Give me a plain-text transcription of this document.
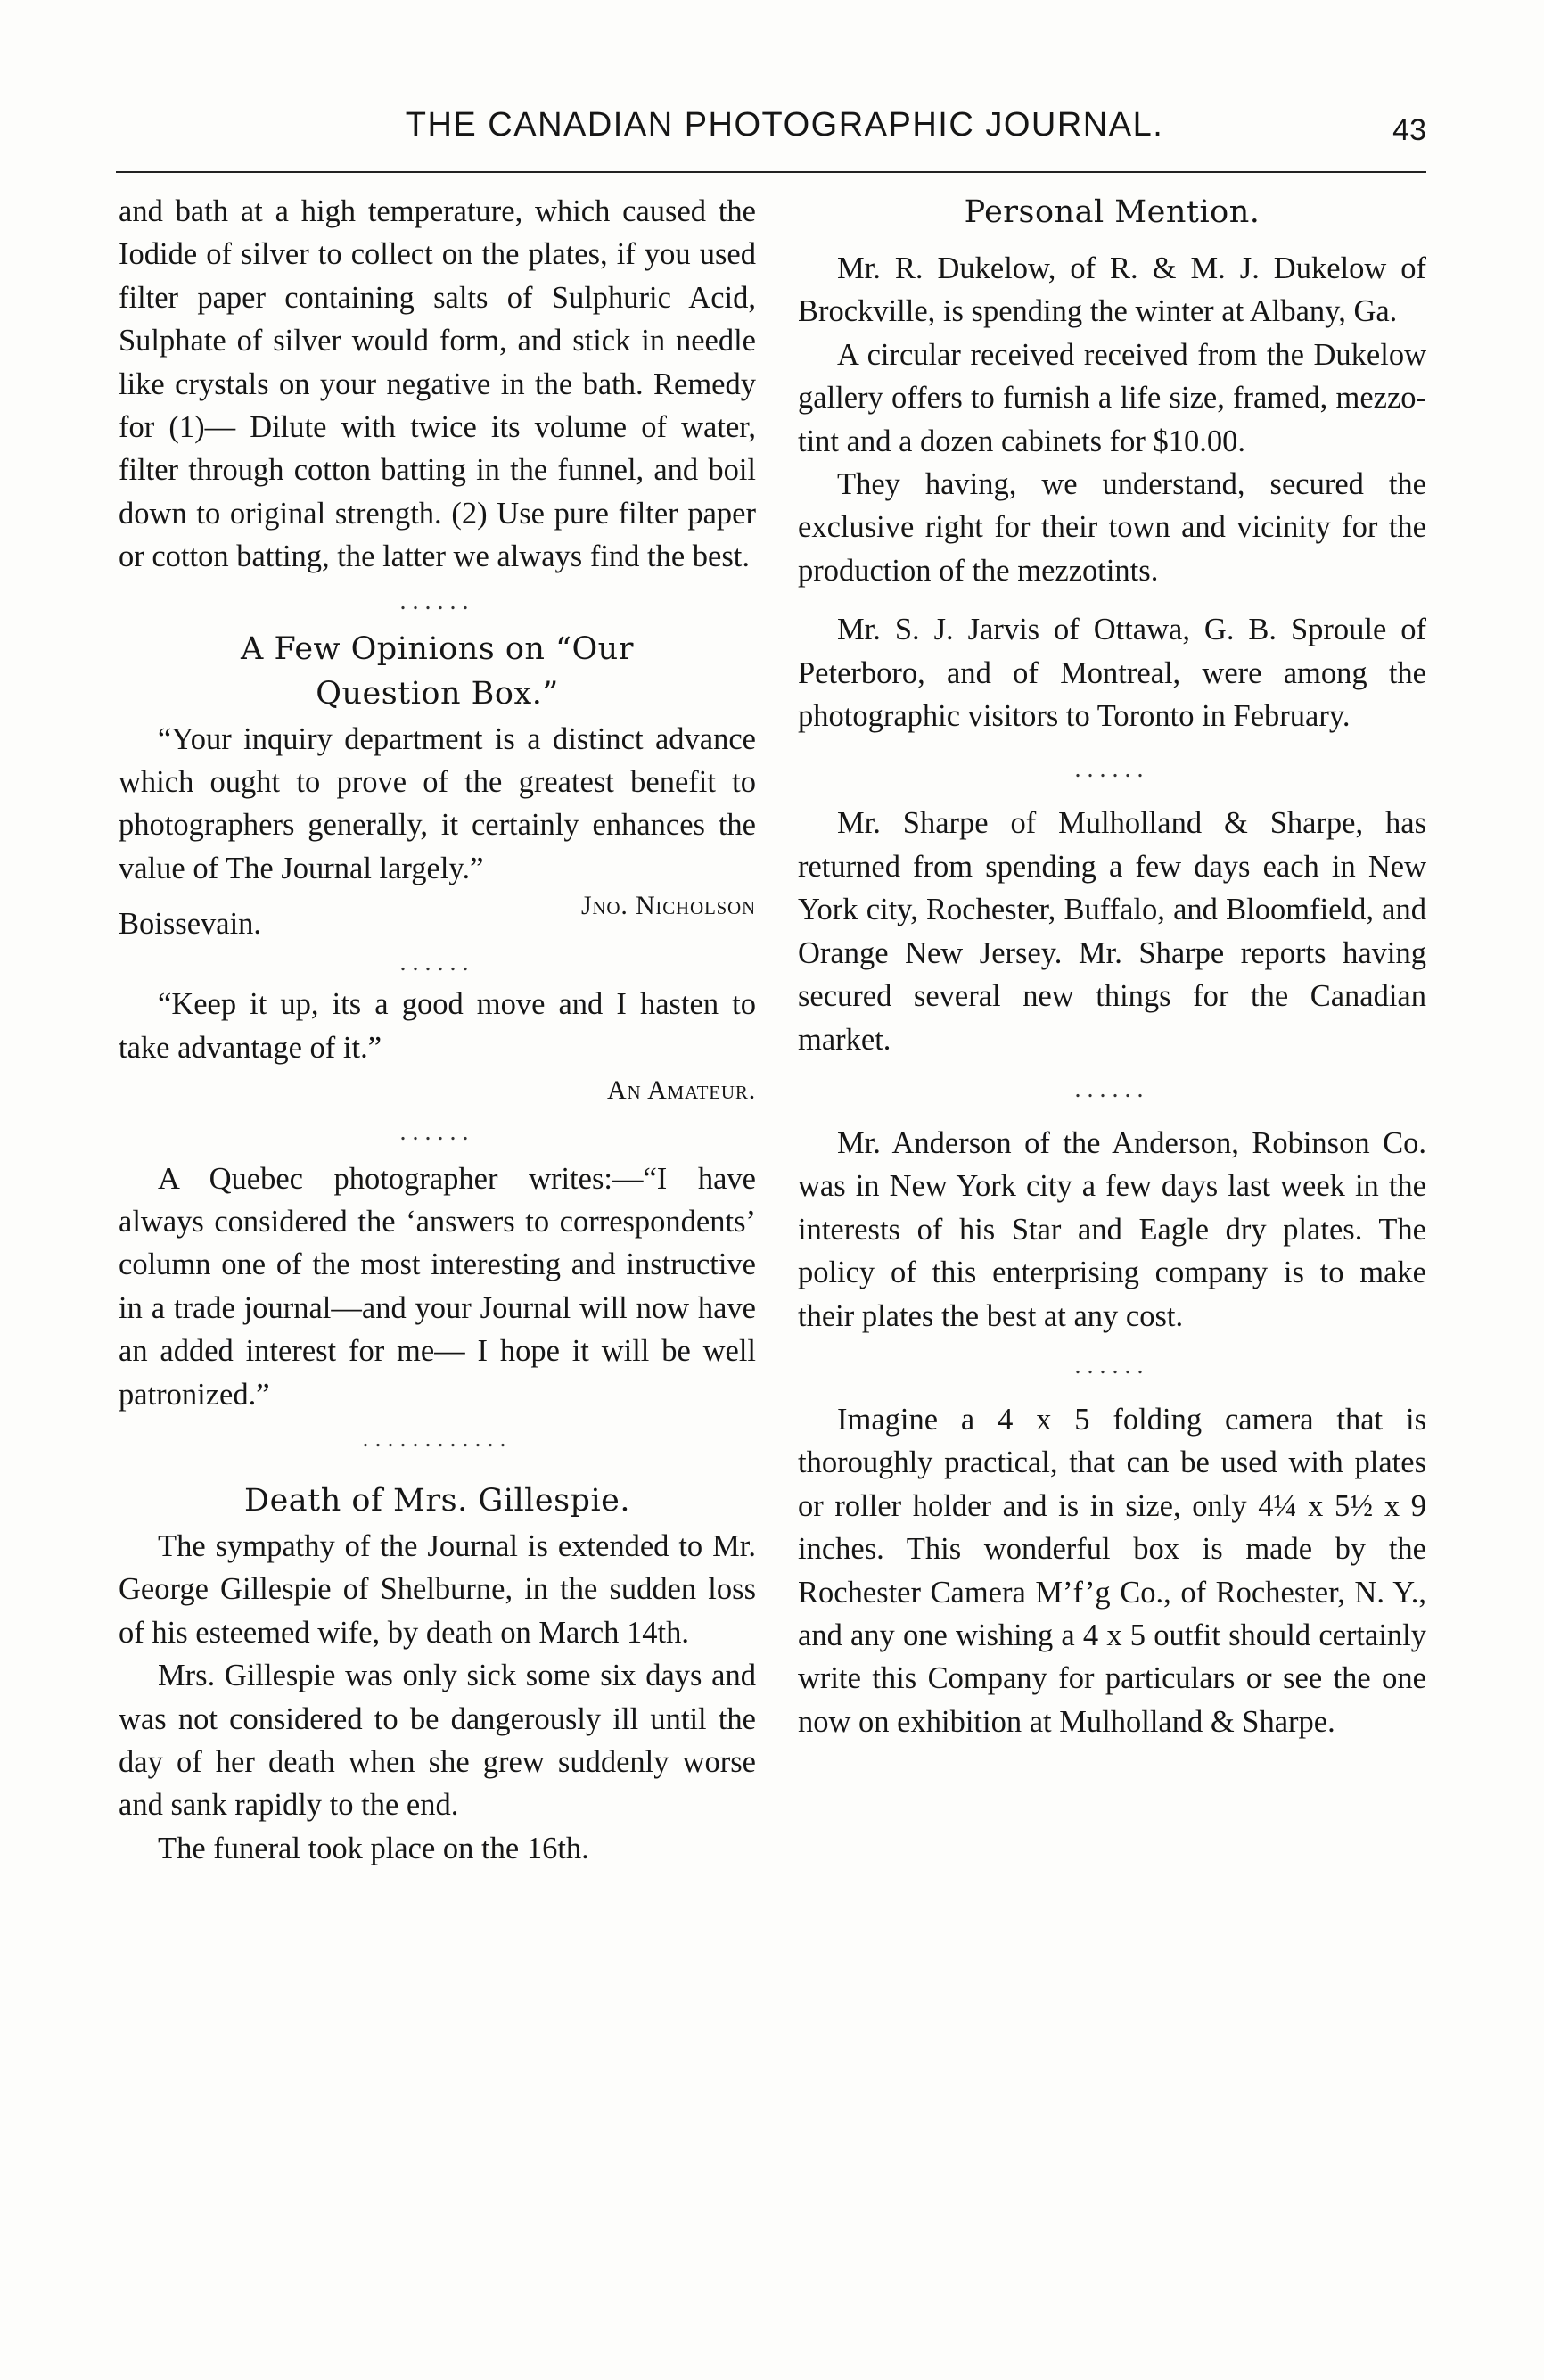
THE CANADIAN PHOTOGRAPHIC JOURNAL.	43

and bath at a high temperature, which caused the Iodide of silver to collect on the plates, if you used filter paper containing salts of Sulphuric Acid, Sulphate of silver would form, and stick in needle like crystals on your negative in the bath. Remedy for (1)— Dilute with twice its volume of water, filter through cotton batting in the funnel, and boil down to original strength. (2) Use pure filter paper or cotton batting, the latter we always find the best.

......
A Few Opinions on “Our
Question Box.”

“Your inquiry department is a distinct advance which ought to prove of the greatest benefit to photographers generally, it certainly enhances the value of The Journal largely.”

Boissevain.
Jno. Nicholson
......

“Keep it up, its a good move and I hasten to take advantage of it.”

An Amateur.

......

A Quebec photographer writes:—“I have always considered the ‘answers to correspondents’ column one of the most interesting and instructive in a trade journal—and your Journal will now have an added interest for me— I hope it will be well patronized.”

............
Death of Mrs. Gillespie.

The sympathy of the Journal is extended to Mr. George Gillespie of Shelburne, in the sudden loss of his esteemed wife, by death on March 14th.

Mrs. Gillespie was only sick some six days and was not considered to be dangerously ill until the day of her death when she grew suddenly worse and sank rapidly to the end.

The funeral took place on the 16th.

Personal Mention.

Mr. R. Dukelow, of R. & M. J. Dukelow of Brockville, is spending the winter at Albany, Ga.

A circular received received from the Dukelow gallery offers to furnish a life size, framed, mezzo-tint and a dozen cabinets for $10.00.

They having, we understand, secured the exclusive right for their town and vicinity for the production of the mezzotints.

Mr. S. J. Jarvis of Ottawa, G. B. Sproule of Peterboro, and of Montreal, were among the photographic visitors to Toronto in February.

......

Mr. Sharpe of Mulholland & Sharpe, has returned from spending a few days each in New York city, Rochester, Buffalo, and Bloomfield, and Orange New Jersey. Mr. Sharpe reports having secured several new things for the Canadian market.

......

Mr. Anderson of the Anderson, Robinson Co. was in New York city a few days last week in the interests of his Star and Eagle dry plates. The policy of this enterprising company is to make their plates the best at any cost.

......

Imagine a 4 x 5 folding camera that is thoroughly practical, that can be used with plates or roller holder and is in size, only 4¼ x 5½ x 9 inches. This wonderful box is made by the Rochester Camera M’f’g Co., of Rochester, N. Y., and any one wishing a 4 x 5 outfit should certainly write this Company for particulars or see the one now on exhibition at Mulholland & Sharpe.
